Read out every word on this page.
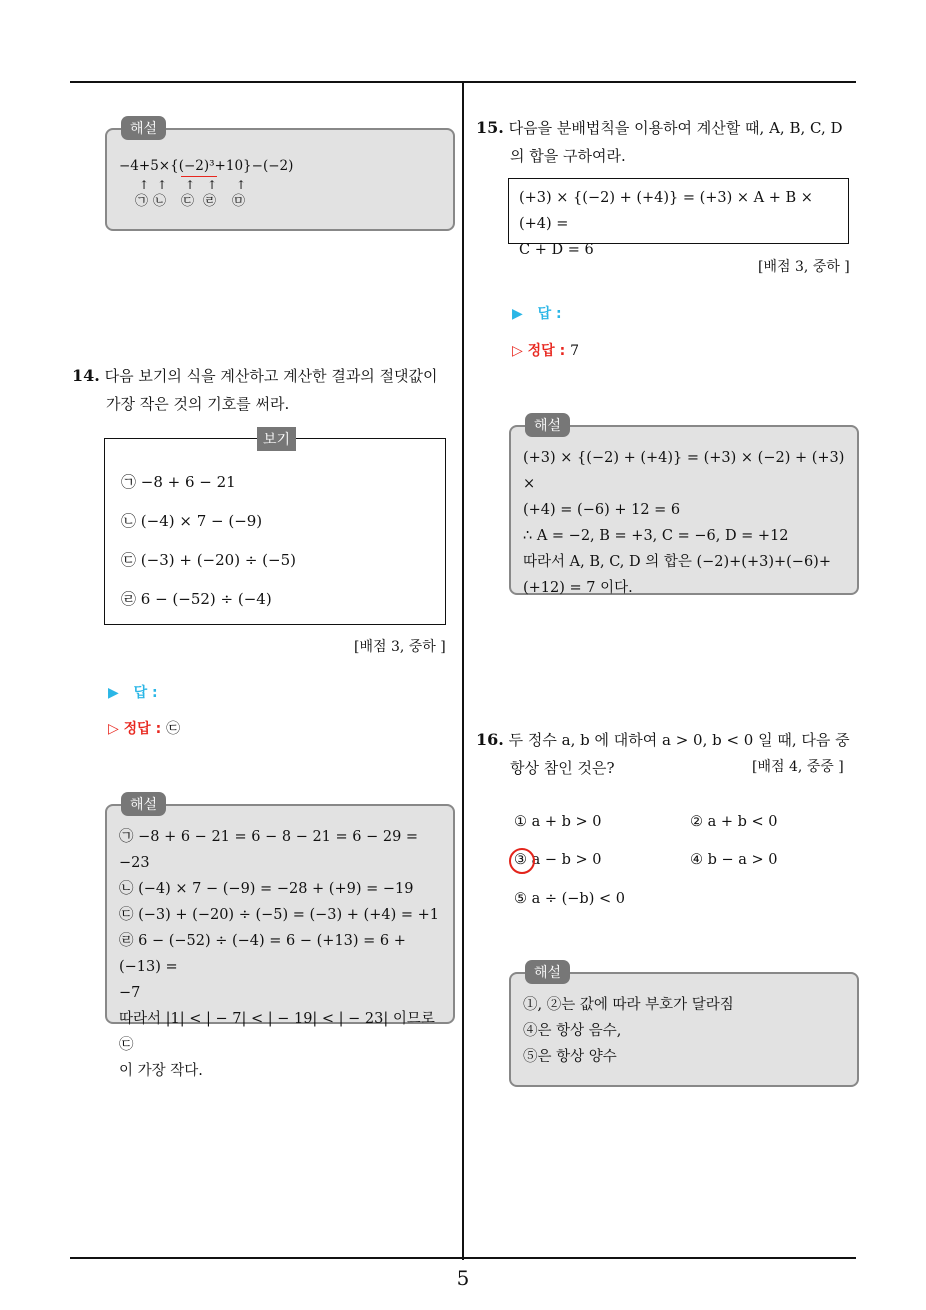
5
해설
−4+5×{(−2)³+10}−(−2)
↑ ↑ ↑ ↑ ↑
㉠ ㉡ ㉢ ㉣ ㉤
14. 다음 보기의 식을 계산하고 계산한 결과의 절댓값이
가장 작은 것의 기호를 써라.
보기
㉠ −8 + 6 − 21
㉡ (−4) × 7 − (−9)
㉢ (−3) + (−20) ÷ (−5)
㉣ 6 − (−52) ÷ (−4)
[배점 3, 중하 ]
▶ 답 :
▷ 정답 : ㉢
해설
㉠ −8 + 6 − 21 = 6 − 8 − 21 = 6 − 29 = −23
㉡ (−4) × 7 − (−9) = −28 + (+9) = −19
㉢ (−3) + (−20) ÷ (−5) = (−3) + (+4) = +1
㉣ 6 − (−52) ÷ (−4) = 6 − (+13) = 6 + (−13) =
−7
따라서 |1| < | − 7| < | − 19| < | − 23| 이므로 ㉢
이 가장 작다.
15. 다음을 분배법칙을 이용하여 계산할 때, A, B, C, D
의 합을 구하여라.
(+3) × {(−2) + (+4)} = (+3) × A + B × (+4) =
C + D = 6
[배점 3, 중하 ]
▶ 답 :
▷ 정답 : 7
해설
(+3) × {(−2) + (+4)} = (+3) × (−2) + (+3) ×
(+4) = (−6) + 12 = 6
∴ A = −2, B = +3, C = −6, D = +12
따라서 A, B, C, D 의 합은 (−2)+(+3)+(−6)+
(+12) = 7 이다.
16. 두 정수 a, b 에 대하여 a > 0, b < 0 일 때, 다음 중
항상 참인 것은?	[배점 4, 중중 ]
① a + b > 0	② a + b < 0
③ a − b > 0	④ b − a > 0
⑤ a ÷ (−b) < 0
해설
①, ②는 값에 따라 부호가 달라짐
④은 항상 음수,
⑤은 항상 양수
